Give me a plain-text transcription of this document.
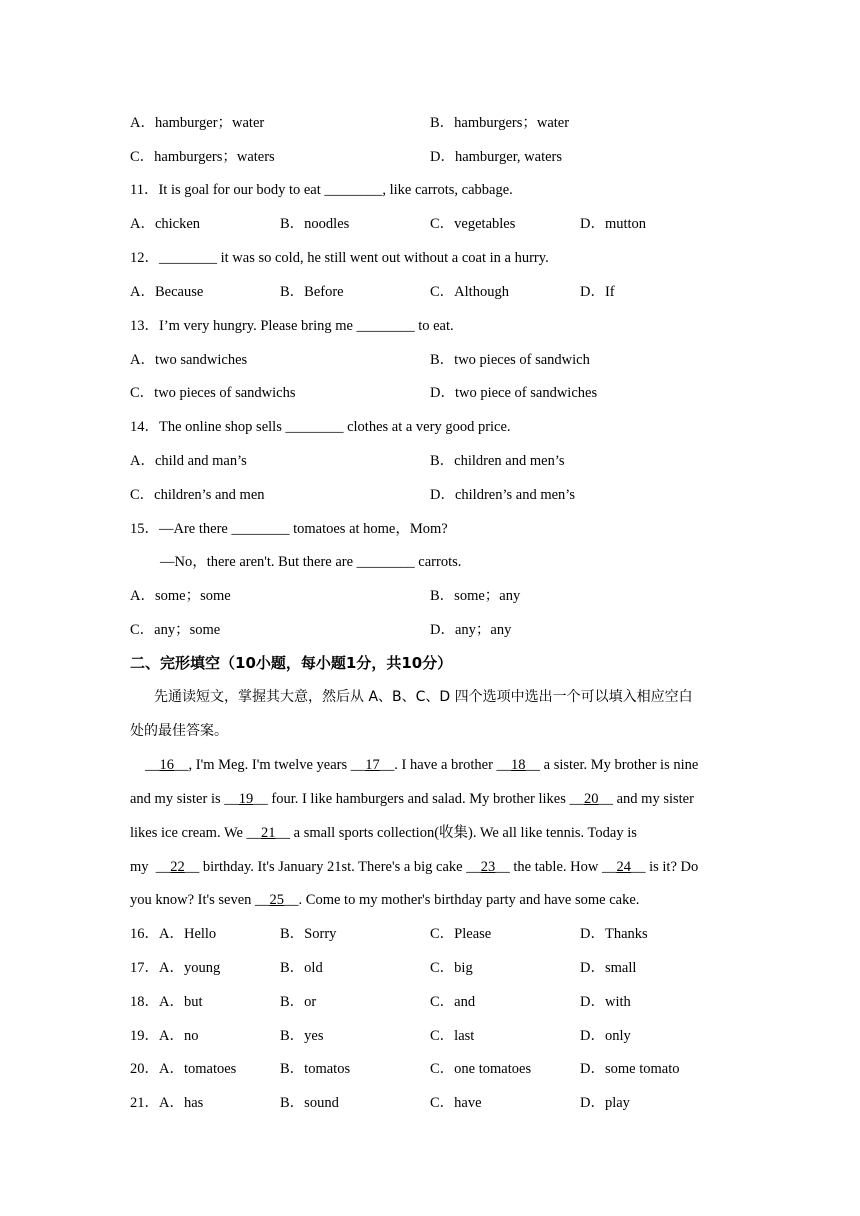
A．hamburger；water	B．hamburgers；water
C．hamburgers；waters	D．hamburger, waters
11．It is goal for our body to eat ________, like carrots, cabbage.
A．chicken	B．noodles	C．vegetables	D．mutton
12．________ it was so cold, he still went out without a coat in a hurry.
A．Because	B．Before	C．Although	D．If
13．I’m very hungry. Please bring me ________ to eat.
A．two sandwiches	B．two pieces of sandwich
C．two pieces of sandwichs	D．two piece of sandwiches
14．The online shop sells ________ clothes at a very good price.
A．child and man’s	B．children and men’s
C．children’s and men	D．children’s and men’s
15．—Are there ________ tomatoes at home，Mom?
—No，there aren't. But there are ________ carrots.
A．some；some	B．some；any
C．any；some	D．any；any
二、完形填空（10小题，每小题1分，共10分）
先通读短文，掌握其大意，然后从 A、B、C、D 四个选项中选出一个可以填入相应空白
处的最佳答案。
__16__, I'm Meg. I'm twelve years __17__. I have a brother __18__ a sister. My brother is nine
and my sister is __19__ four. I like hamburgers and salad. My brother likes __20__ and my sister
likes ice cream. We __21__ a small sports collection(收集). We all like tennis. Today is
my  __22__ birthday. It's January 21st. There's a big cake __23__ the table. How __24__ is it? Do
you know? It's seven __25__. Come to my mother's birthday party and have some cake.
16．A．Hello	B．Sorry	C．Please	D．Thanks
17．A．young	B．old	C．big	D．small
18．A．but	B．or	C．and	D．with
19．A．no	B．yes	C．last	D．only
20．A．tomatoes	B．tomatos	C．one tomatoes	D．some tomato
21．A．has	B．sound	C．have	D．play
